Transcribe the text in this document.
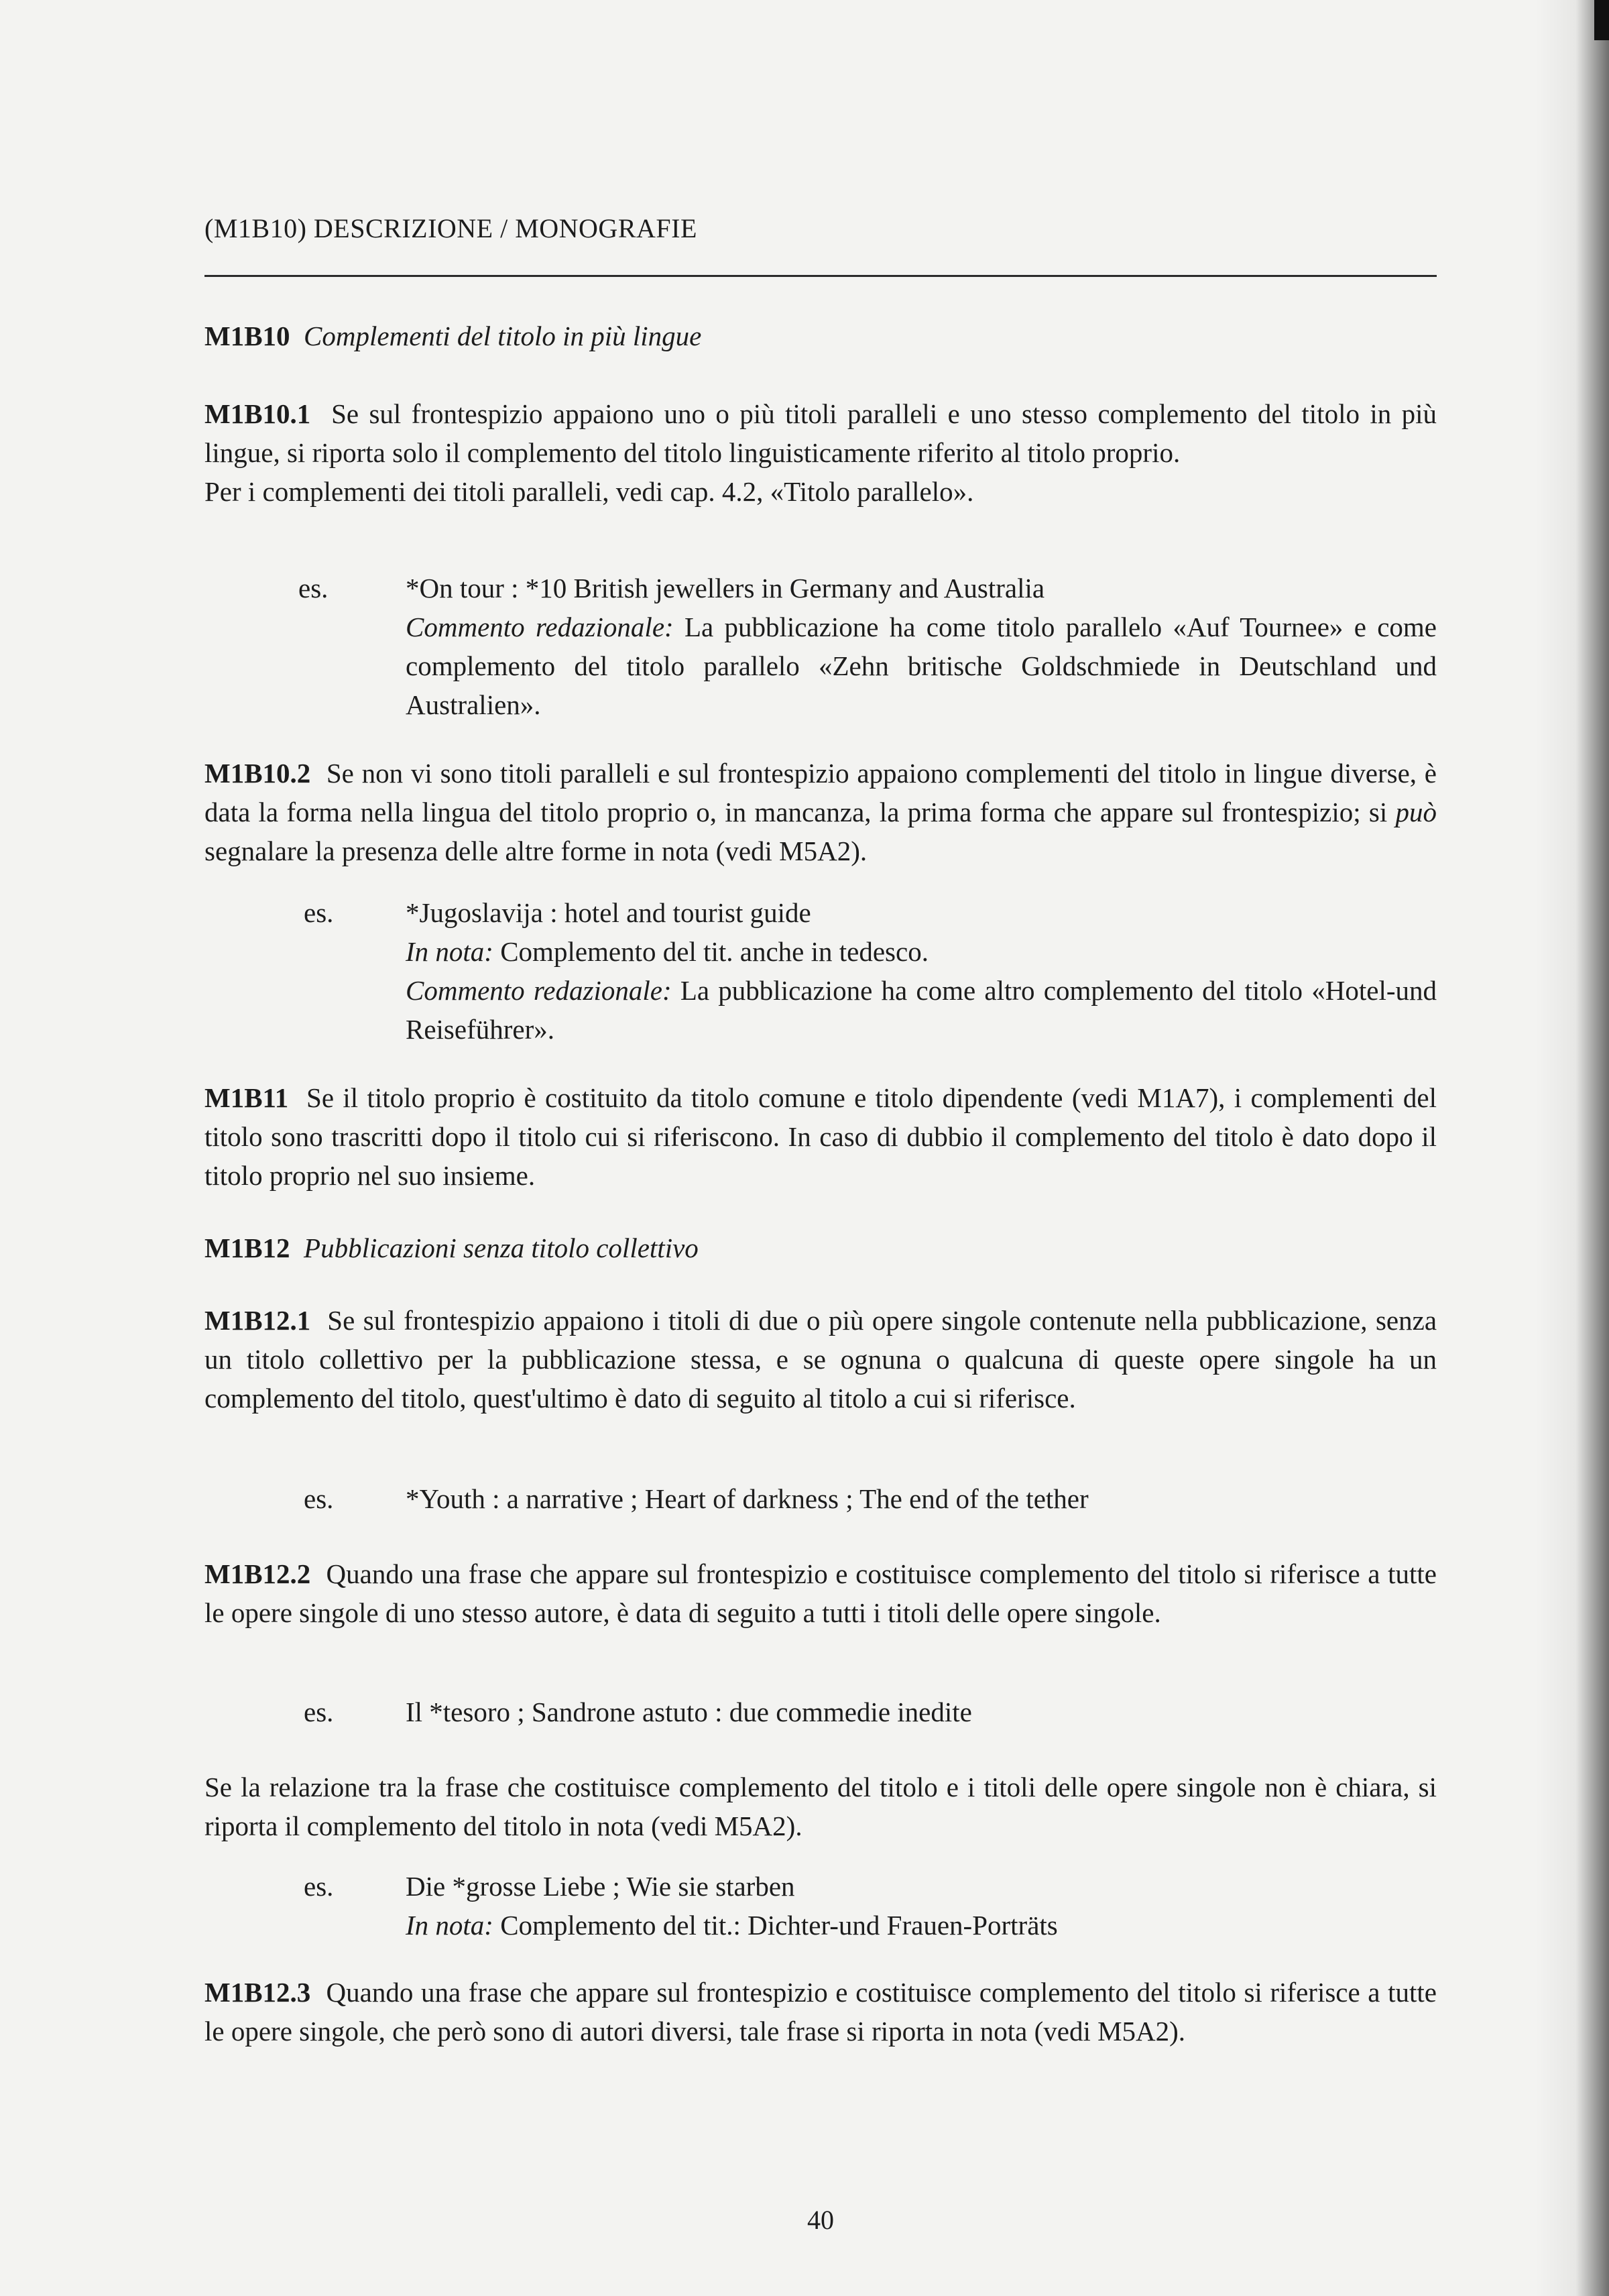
(M1B10) DESCRIZIONE / MONOGRAFIE
M1B10 Complementi del titolo in più lingue

M1B10.1 Se sul frontespizio appaiono uno o più titoli paralleli e uno stesso complemento del titolo in più lingue, si riporta solo il complemento del titolo linguisticamente riferito al titolo proprio.

Per i complementi dei titoli paralleli, vedi cap. 4.2, «Titolo parallelo».

es.	*On tour : *10 British jewellers in Germany and Australia

Commento redazionale: La pubblicazione ha come titolo parallelo «Auf Tournee» e come complemento del titolo parallelo «Zehn britische Goldschmiede in Deutschland und Australien».

M1B10.2 Se non vi sono titoli paralleli e sul frontespizio appaiono complementi del titolo in lingue diverse, è data la forma nella lingua del titolo proprio o, in mancanza, la prima forma che appare sul frontespizio; si può segnalare la presenza delle altre forme in nota (vedi M5A2).

es.	*Jugoslavija : hotel and tourist guide

In nota: Complemento del tit. anche in tedesco.

Commento redazionale: La pubblicazione ha come altro complemento del titolo «Hotel-und Reiseführer».

M1B11 Se il titolo proprio è costituito da titolo comune e titolo dipendente (vedi M1A7), i complementi del titolo sono trascritti dopo il titolo cui si riferiscono. In caso di dubbio il complemento del titolo è dato dopo il titolo proprio nel suo insieme.

M1B12 Pubblicazioni senza titolo collettivo

M1B12.1 Se sul frontespizio appaiono i titoli di due o più opere singole contenute nella pubblicazione, senza un titolo collettivo per la pubblicazione stessa, e se ognuna o qualcuna di queste opere singole ha un complemento del titolo, quest'ultimo è dato di seguito al titolo a cui si riferisce.

es.	*Youth : a narrative ; Heart of darkness ; The end of the tether

M1B12.2 Quando una frase che appare sul frontespizio e costituisce complemento del titolo si riferisce a tutte le opere singole di uno stesso autore, è data di seguito a tutti i titoli delle opere singole.

es.	Il *tesoro ; Sandrone astuto : due commedie inedite

Se la relazione tra la frase che costituisce complemento del titolo e i titoli delle opere singole non è chiara, si riporta il complemento del titolo in nota (vedi M5A2).

es.	Die *grosse Liebe ; Wie sie starben

In nota: Complemento del tit.: Dichter-und Frauen-Porträts

M1B12.3 Quando una frase che appare sul frontespizio e costituisce complemento del titolo si riferisce a tutte le opere singole, che però sono di autori diversi, tale frase si riporta in nota (vedi M5A2).

40
